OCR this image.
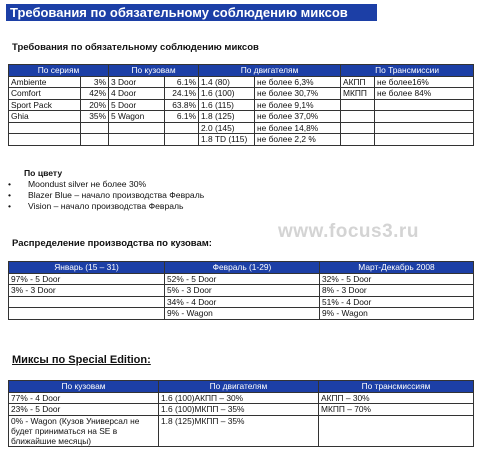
Требования по обязательному соблюдению миксов
Требования по обязательному соблюдению миксов
По сериям		По кузовам		По двигателям		По Трансмиссии	
Ambiente	3%	3 Door	6.1%	1.4 (80)	не более 6,3%	АКПП	не более16%
Comfort	42%	4 Door	24.1%	1.6 (100)	не более 30,7%	МКПП	не более 84%
Sport Pack	20%	5 Door	63.8%	1.6 (115)	не более 9,1%		
Ghia	35%	5 Wagon	6.1%	1.8 (125)	не более 37,0%		
				2.0 (145)	не более 14,8%		
				1.8 TD (115)	не более 2,2 %		
По цвету
• Moondust silver не более 30%
• Blazer Blue – начало производства Февраль
• Vision – начало производства Февраль
www.focus3.ru
Распределение производства по кузовам:
Январь (15 – 31)	Февраль (1-29)	Март-Декабрь 2008
97% - 5 Door	52% - 5 Door	32% - 5 Door
3% - 3 Door	5% - 3 Door	8% - 3 Door
	34% - 4 Door	51% - 4 Door
	9% - Wagon	9% - Wagon
Миксы по Special Edition:
По кузовам	По двигателям	По трансмиссиям
77% - 4 Door	1.6 (100)АКПП – 30%	АКПП – 30%
23% - 5 Door	1.6 (100)МКПП – 35%	МКПП – 70%
0% - Wagon (Кузов Универсал не будет приниматься на SE в ближайшие месяцы)	1.8 (125)МКПП – 35%	
